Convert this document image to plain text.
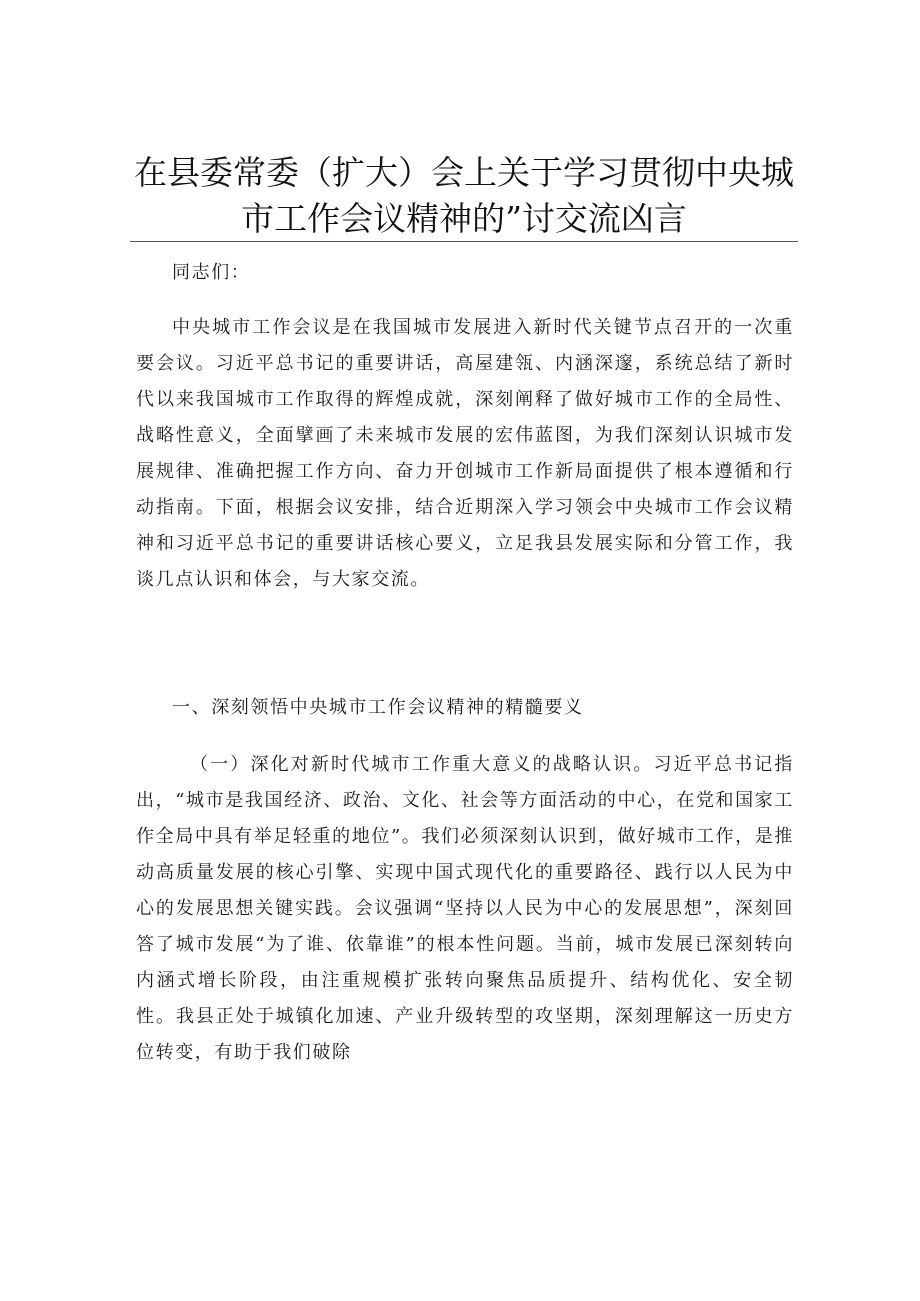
在县委常委（扩大）会上关于学习贯彻中央城
市工作会议精神的”讨交流凶言

同志们：

中央城市工作会议是在我国城市发展进入新时代关键节点召开的一次重要会议。习近平总书记的重要讲话，高屋建瓴、内涵深邃，系统总结了新时代以来我国城市工作取得的辉煌成就，深刻阐释了做好城市工作的全局性、战略性意义，全面擘画了未来城市发展的宏伟蓝图，为我们深刻认识城市发展规律、准确把握工作方向、奋力开创城市工作新局面提供了根本遵循和行动指南。下面，根据会议安排，结合近期深入学习领会中央城市工作会议精神和习近平总书记的重要讲话核心要义，立足我县发展实际和分管工作，我谈几点认识和体会，与大家交流。

一、深刻领悟中央城市工作会议精神的精髓要义

（一）深化对新时代城市工作重大意义的战略认识。习近平总书记指出，“城市是我国经济、政治、文化、社会等方面活动的中心，在党和国家工作全局中具有举足轻重的地位”。我们必须深刻认识到，做好城市工作，是推动高质量发展的核心引擎、实现中国式现代化的重要路径、践行以人民为中心的发展思想关键实践。会议强调“坚持以人民为中心的发展思想”，深刻回答了城市发展“为了谁、依靠谁”的根本性问题。当前，城市发展已深刻转向内涵式增长阶段，由注重规模扩张转向聚焦品质提升、结构优化、安全韧性。我县正处于城镇化加速、产业升级转型的攻坚期，深刻理解这一历史方位转变，有助于我们破除
